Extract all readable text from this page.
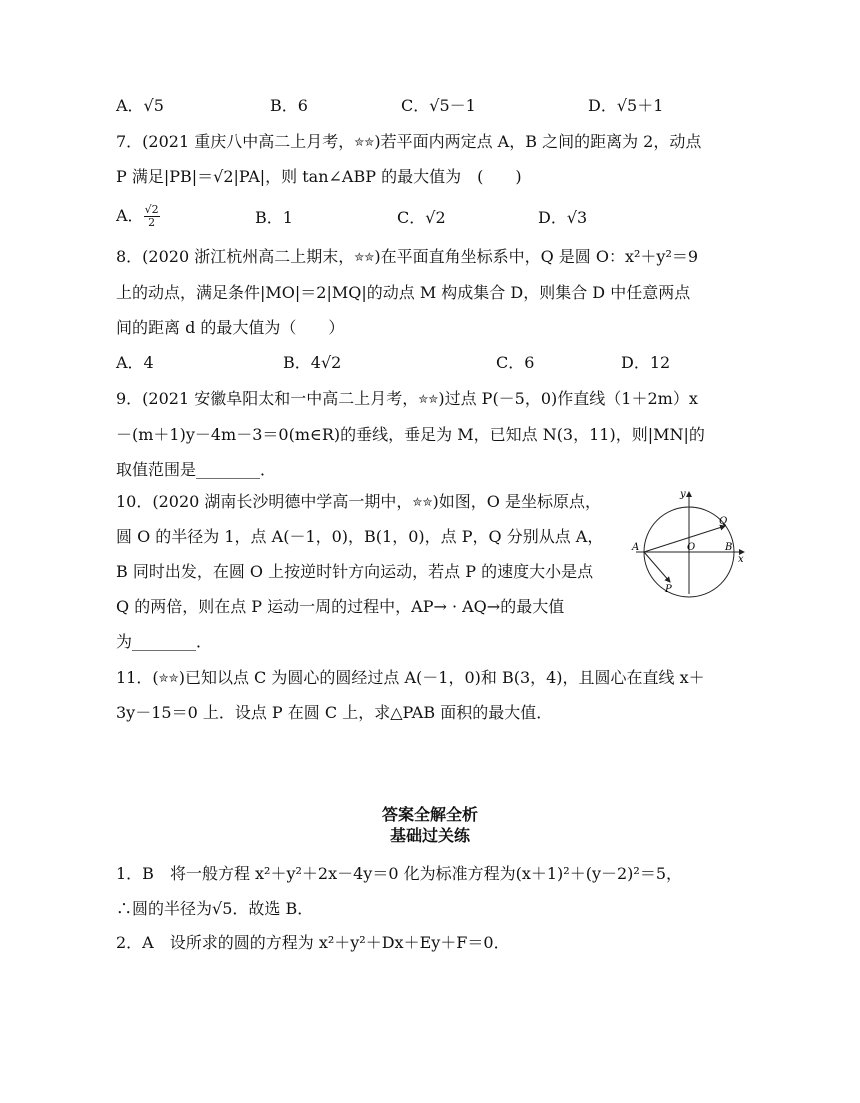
A．√5	B．6	C．√5－1	D．√5＋1
7．(2021 重庆八中高二上月考，✮✮)若平面内两定点 A，B 之间的距离为 2，动点
P 满足|PB|＝√2|PA|，则 tan∠ABP 的最大值为　(　　)
A． $\frac{√2}{2}$	B．1	C．√2	D．√3
8．(2020 浙江杭州高二上期末，✮✮)在平面直角坐标系中，Q 是圆 O：x²＋y²＝9
上的动点，满足条件|MO|＝2|MQ|的动点 M 构成集合 D，则集合 D 中任意两点
间的距离 d 的最大值为（　　）
A．4	B．4√2	C．6	D．12
9．(2021 安徽阜阳太和一中高二上月考，✮✮)过点 P(－5，0)作直线（1＋2m）x
－(m＋1)y－4m－3＝0(m∈R)的垂线，垂足为 M，已知点 N(3，11)，则|MN|的
取值范围是________．
10．(2020 湖南长沙明德中学高一期中，✮✮)如图，O 是坐标原点，
圆 O 的半径为 1，点 A(－1，0)，B(1，0)，点 P，Q 分别从点 A，
B 同时出发，在圆 O 上按逆时针方向运动，若点 P 的速度大小是点
Q 的两倍，则在点 P 运动一周的过程中，AP→ · AQ→的最大值
为________．
y
x
A	O	B
P
Q
11．(✮✮)已知以点 C 为圆心的圆经过点 A(－1，0)和 B(3，4)，且圆心在直线 x＋
3y－15＝0 上．设点 P 在圆 C 上，求△PAB 面积的最大值．
答案全解全析
基础过关练
1．B　将一般方程 x²＋y²＋2x－4y＝0 化为标准方程为(x＋1)²＋(y－2)²＝5，
∴圆的半径为√5．故选 B．
2．A　设所求的圆的方程为 x²＋y²＋Dx＋Ey＋F＝0．
